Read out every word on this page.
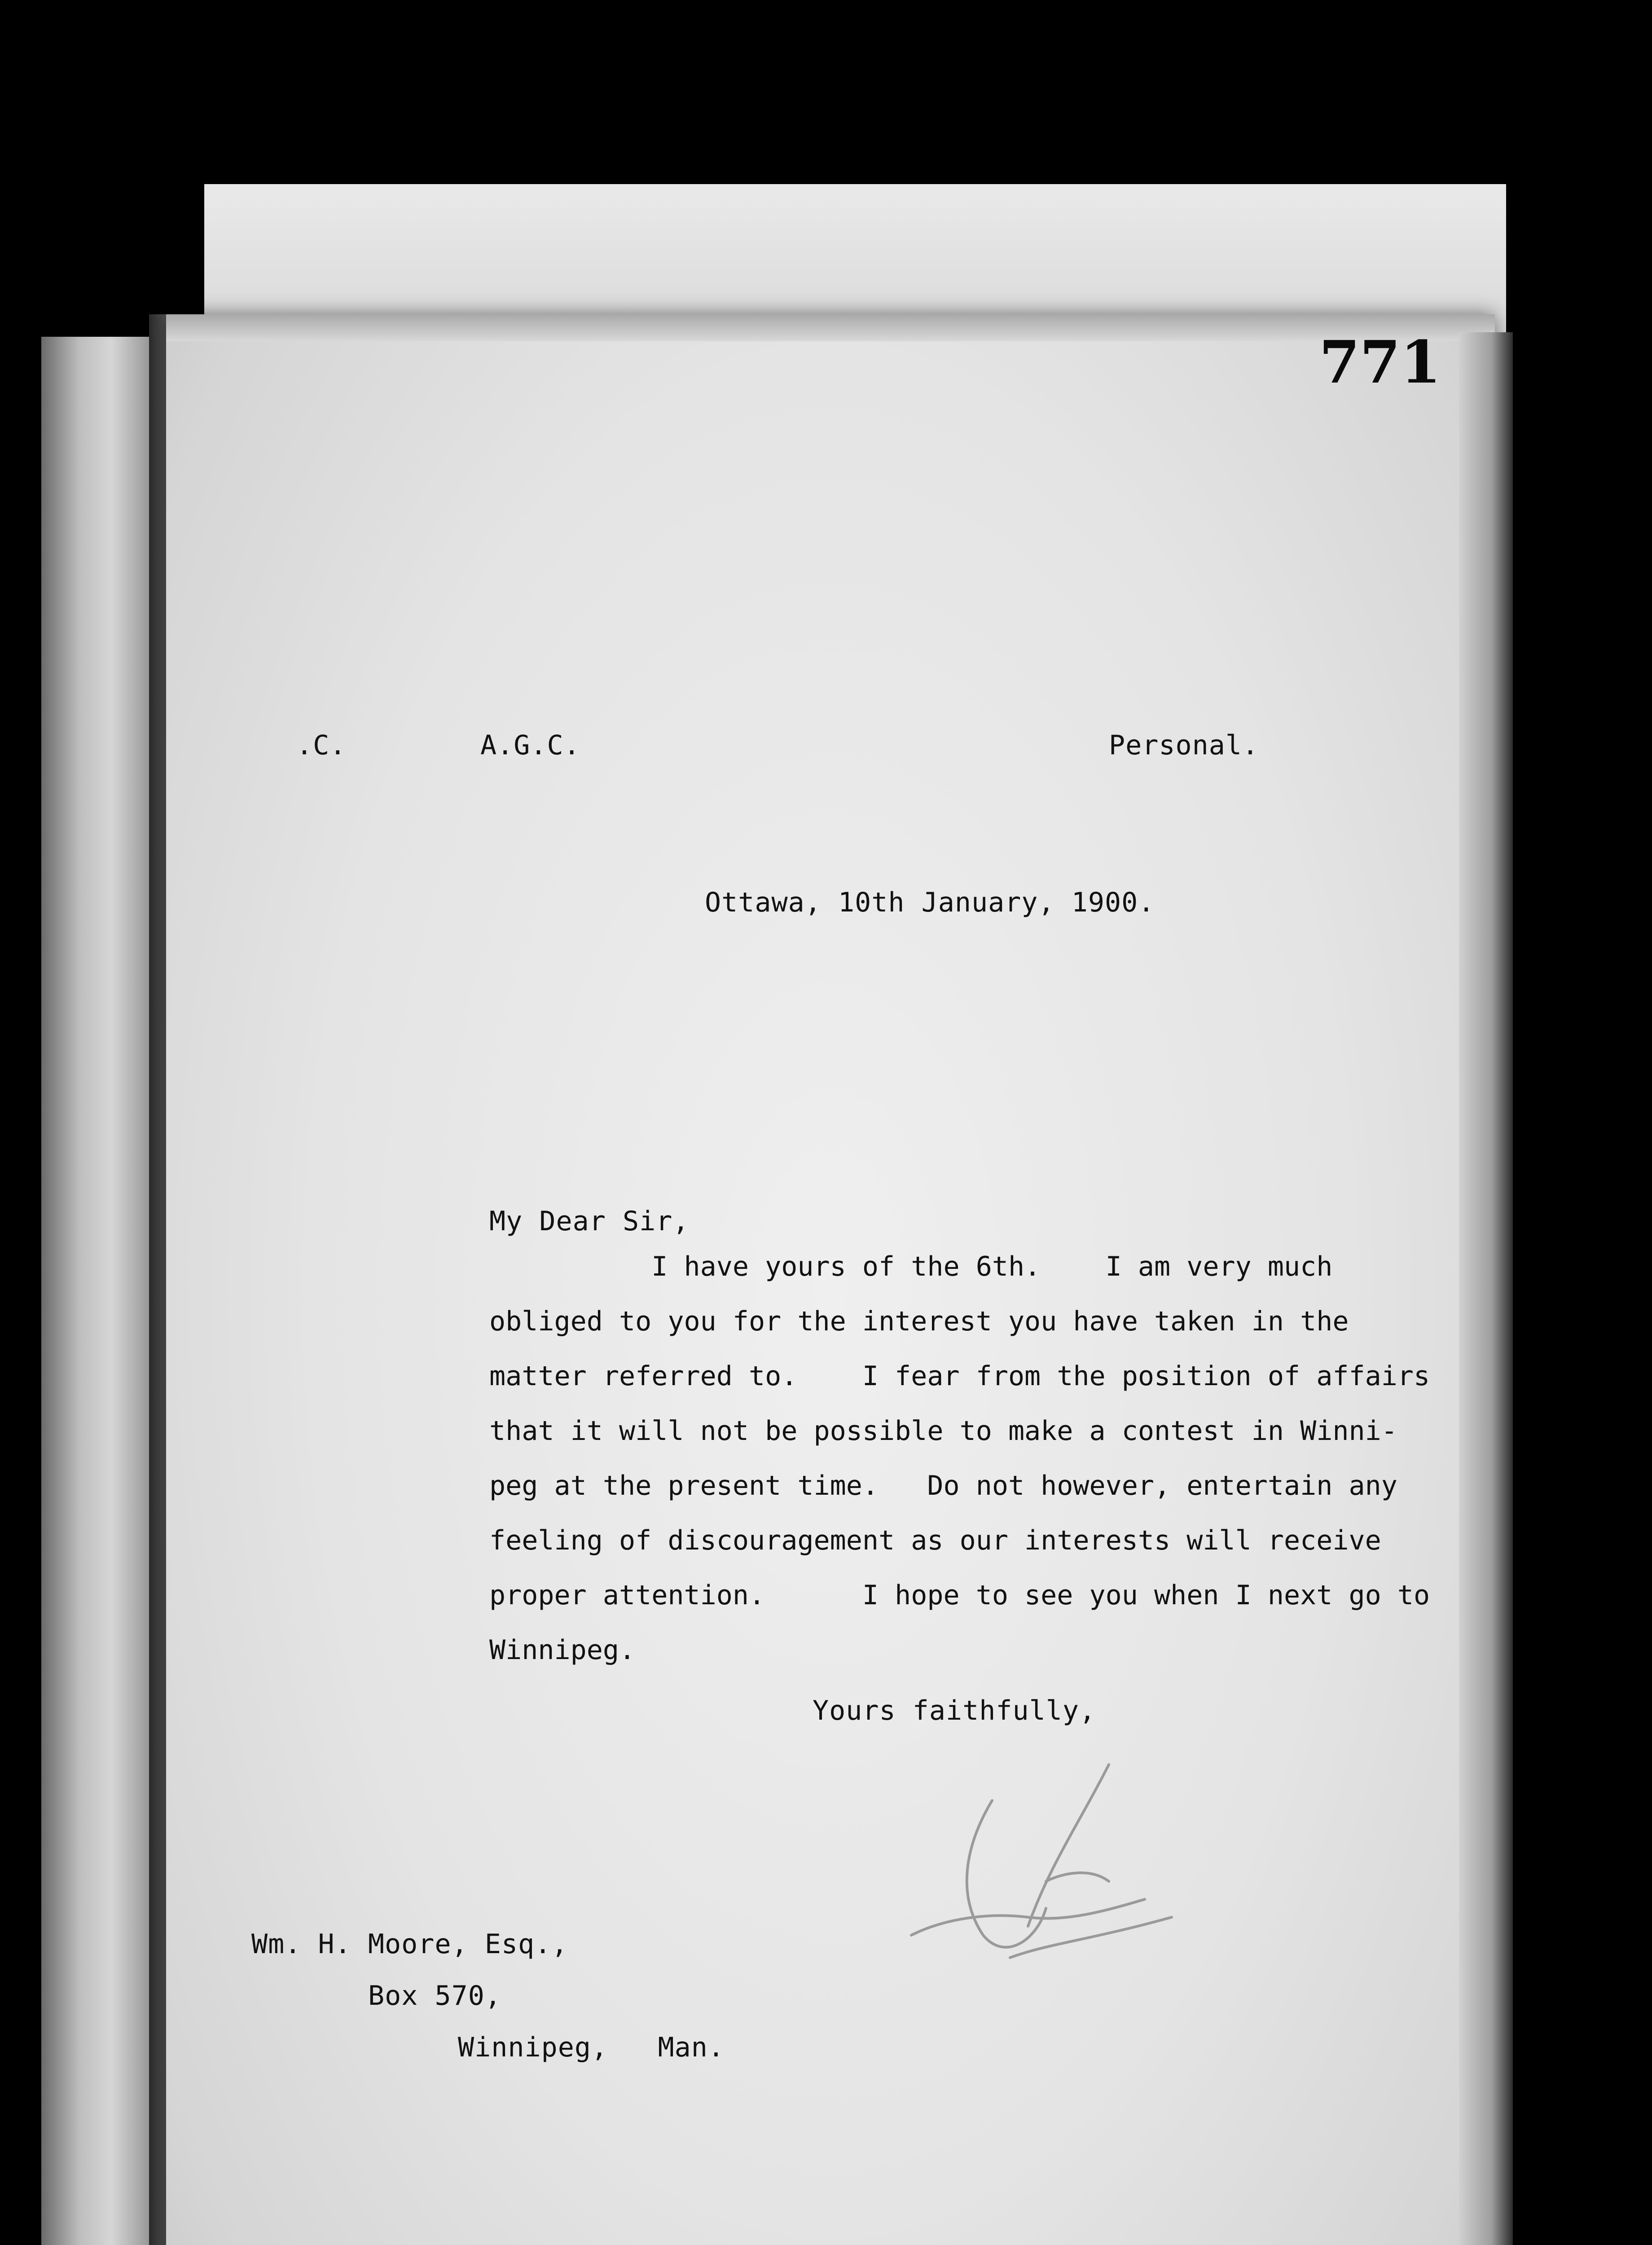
771
.C.	A.G.C.	Personal.
Ottawa, 10th January, 1900.
My Dear Sir,
I have yours of the 6th.    I am very much
obliged to you for the interest you have taken in the
matter referred to.    I fear from the position of affairs
that it will not be possible to make a contest in Winni-
peg at the present time.   Do not however, entertain any
feeling of discouragement as our interests will receive
proper attention.      I hope to see you when I next go to
Winnipeg.
Yours faithfully,
Wm. H. Moore, Esq.,
Box 570,
Winnipeg,   Man.
